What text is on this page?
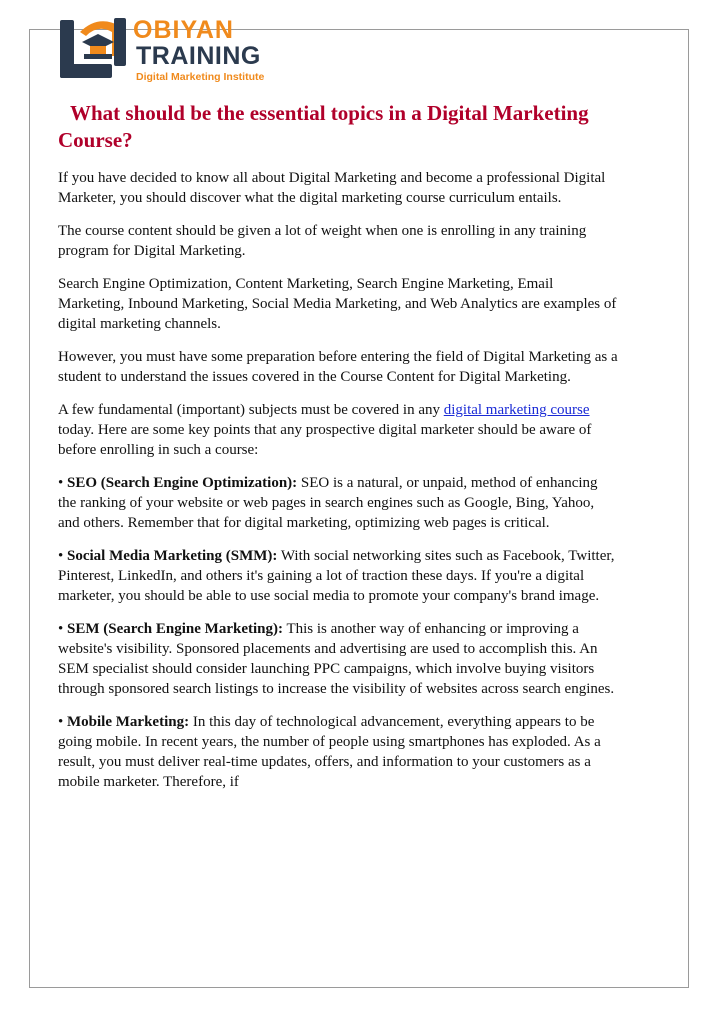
OBIYAN
TRAINING
Digital Marketing Institute
What should be the essential topics in a Digital Marketing Course?

If you have decided to know all about Digital Marketing and become a professional Digital Marketer, you should discover what the digital marketing course curriculum entails.

The course content should be given a lot of weight when one is enrolling in any training program for Digital Marketing.

Search Engine Optimization, Content Marketing, Search Engine Marketing, Email Marketing, Inbound Marketing, Social Media Marketing, and Web Analytics are examples of digital marketing channels.

However, you must have some preparation before entering the field of Digital Marketing as a student to understand the issues covered in the Course Content for Digital Marketing.

A few fundamental (important) subjects must be covered in any digital marketing course today. Here are some key points that any prospective digital marketer should be aware of before enrolling in such a course:

• SEO (Search Engine Optimization): SEO is a natural, or unpaid, method of enhancing the ranking of your website or web pages in search engines such as Google, Bing, Yahoo, and others. Remember that for digital marketing, optimizing web pages is critical.

• Social Media Marketing (SMM): With social networking sites such as Facebook, Twitter, Pinterest, LinkedIn, and others it's gaining a lot of traction these days. If you're a digital marketer, you should be able to use social media to promote your company's brand image.

• SEM (Search Engine Marketing): This is another way of enhancing or improving a website's visibility. Sponsored placements and advertising are used to accomplish this. An SEM specialist should consider launching PPC campaigns, which involve buying visitors through sponsored search listings to increase the visibility of websites across search engines.

• Mobile Marketing: In this day of technological advancement, everything appears to be going mobile. In recent years, the number of people using smartphones has exploded. As a result, you must deliver real-time updates, offers, and information to your customers as a mobile marketer. Therefore, if
